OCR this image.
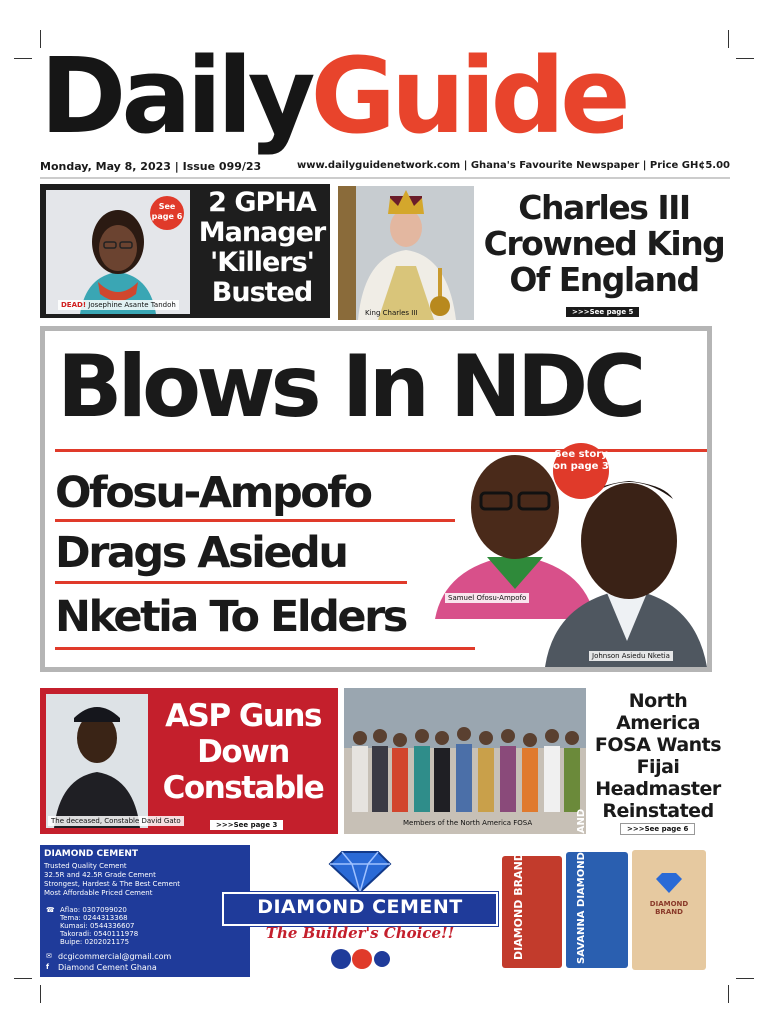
DailyGuide
Monday, May 8, 2023 | Issue 099/23	www.dailyguidenetwork.com | Ghana's Favourite Newspaper | Price GH¢5.00
See page 6
DEAD! Josephine Asante Tandoh
2 GPHA Manager 'Killers' Busted
King Charles III
Charles III Crowned King Of England
>>>See page 5
Blows In NDC
See story on page 3
Ofosu-Ampofo
Drags Asiedu
Nketia To Elders	Samuel Ofosu-Ampofo
Johnson Asiedu Nketia
The deceased, Constable David Gato
ASP Guns Down Constable
>>>See page 3	Members of the North America FOSA
North America FOSA Wants Fijai Headmaster Reinstated
>>>See page 6
DIAMOND CEMENT
Trusted Quality Cement
32.5R and 42.5R Grade Cement
Strongest, Hardest & The Best Cement
Most Affordable Priced Cement
☎ Aflao: 0307099020
Tema: 0244313368
Kumasi: 0544336607
Takoradi: 0540111978
Buipe: 0202021175
✉ dcgicommercial@gmail.com
f Diamond Cement Ghana
DIAMOND CEMENT
The Builder's Choice!!	DIAMOND BRAND	SAVANNA DIAMOND BRAND	DIAMOND BRAND
